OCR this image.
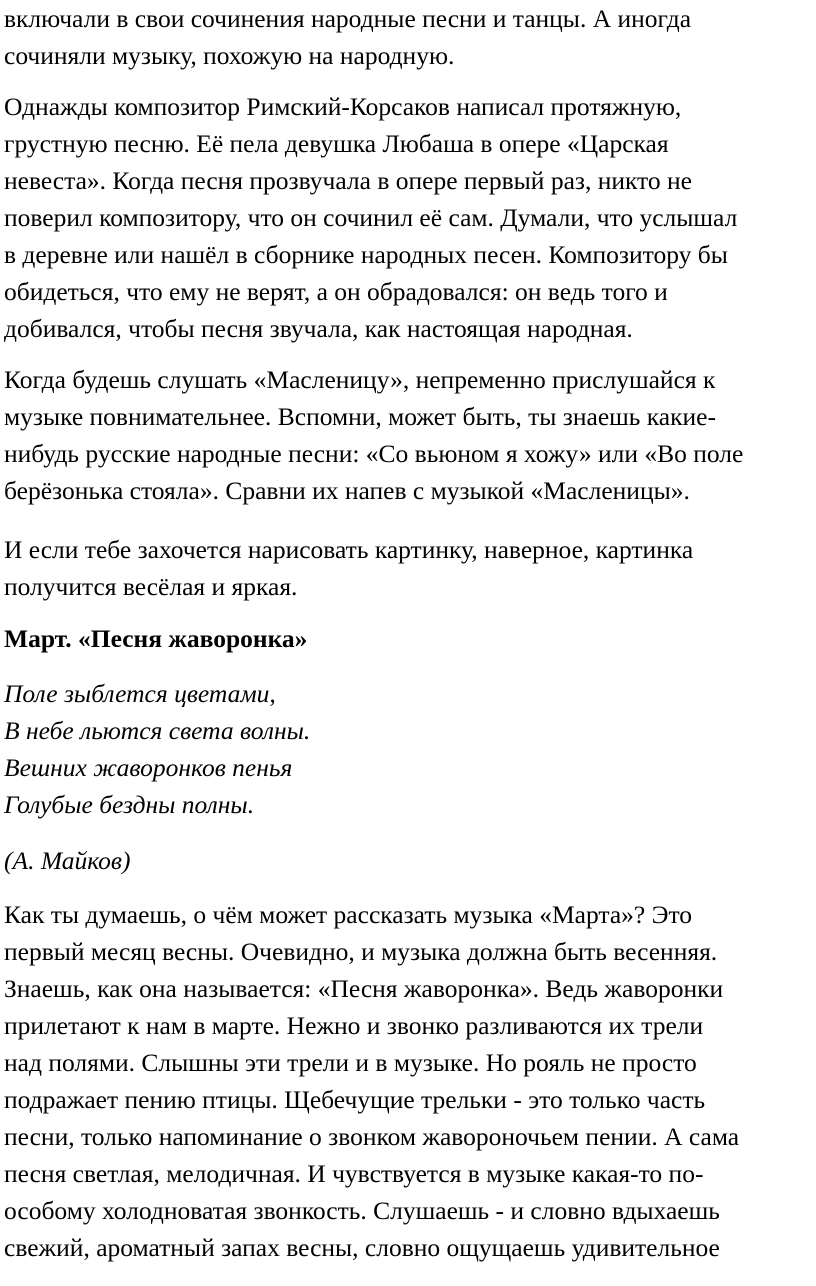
включали в свои сочинения народные песни и танцы. А иногда
сочиняли музыку, похожую на народную.
Однажды композитор Римский-Корсаков написал протяжную,
грустную песню. Её пела девушка Любаша в опере «Царская
невеста». Когда песня прозвучала в опере первый раз, никто не
поверил композитору, что он сочинил её сам. Думали, что услышал
в деревне или нашёл в сборнике народных песен. Композитору бы
обидеться, что ему не верят, а он обрадовался: он ведь того и
добивался, чтобы песня звучала, как настоящая народная.
Когда будешь слушать «Масленицу», непременно прислушайся к
музыке повнимательнее. Вспомни, может быть, ты знаешь какие-
нибудь русские народные песни: «Со вьюном я хожу» или «Во поле
берёзонька стояла». Сравни их напев с музыкой «Масленицы».
И если тебе захочется нарисовать картинку, наверное, картинка
получится весёлая и яркая.
Март. «Песня жаворонка»
Поле зыблется цветами,
В небе льются света волны.
Вешних жаворонков пенья
Голубые бездны полны.
(А. Майков)
Как ты думаешь, о чём может рассказать музыка «Марта»? Это
первый месяц весны. Очевидно, и музыка должна быть весенняя.
Знаешь, как она называется: «Песня жаворонка». Ведь жаворонки
прилетают к нам в марте. Нежно и звонко разливаются их трели
над полями. Слышны эти трели и в музыке. Но рояль не просто
подражает пению птицы. Щебечущие трельки - это только часть
песни, только напоминание о звонком жавороночьем пении. А сама
песня светлая, мелодичная. И чувствуется в музыке какая-то по-
особому холодноватая звонкость. Слушаешь - и словно вдыхаешь
свежий, ароматный запах весны, словно ощущаешь удивительное
